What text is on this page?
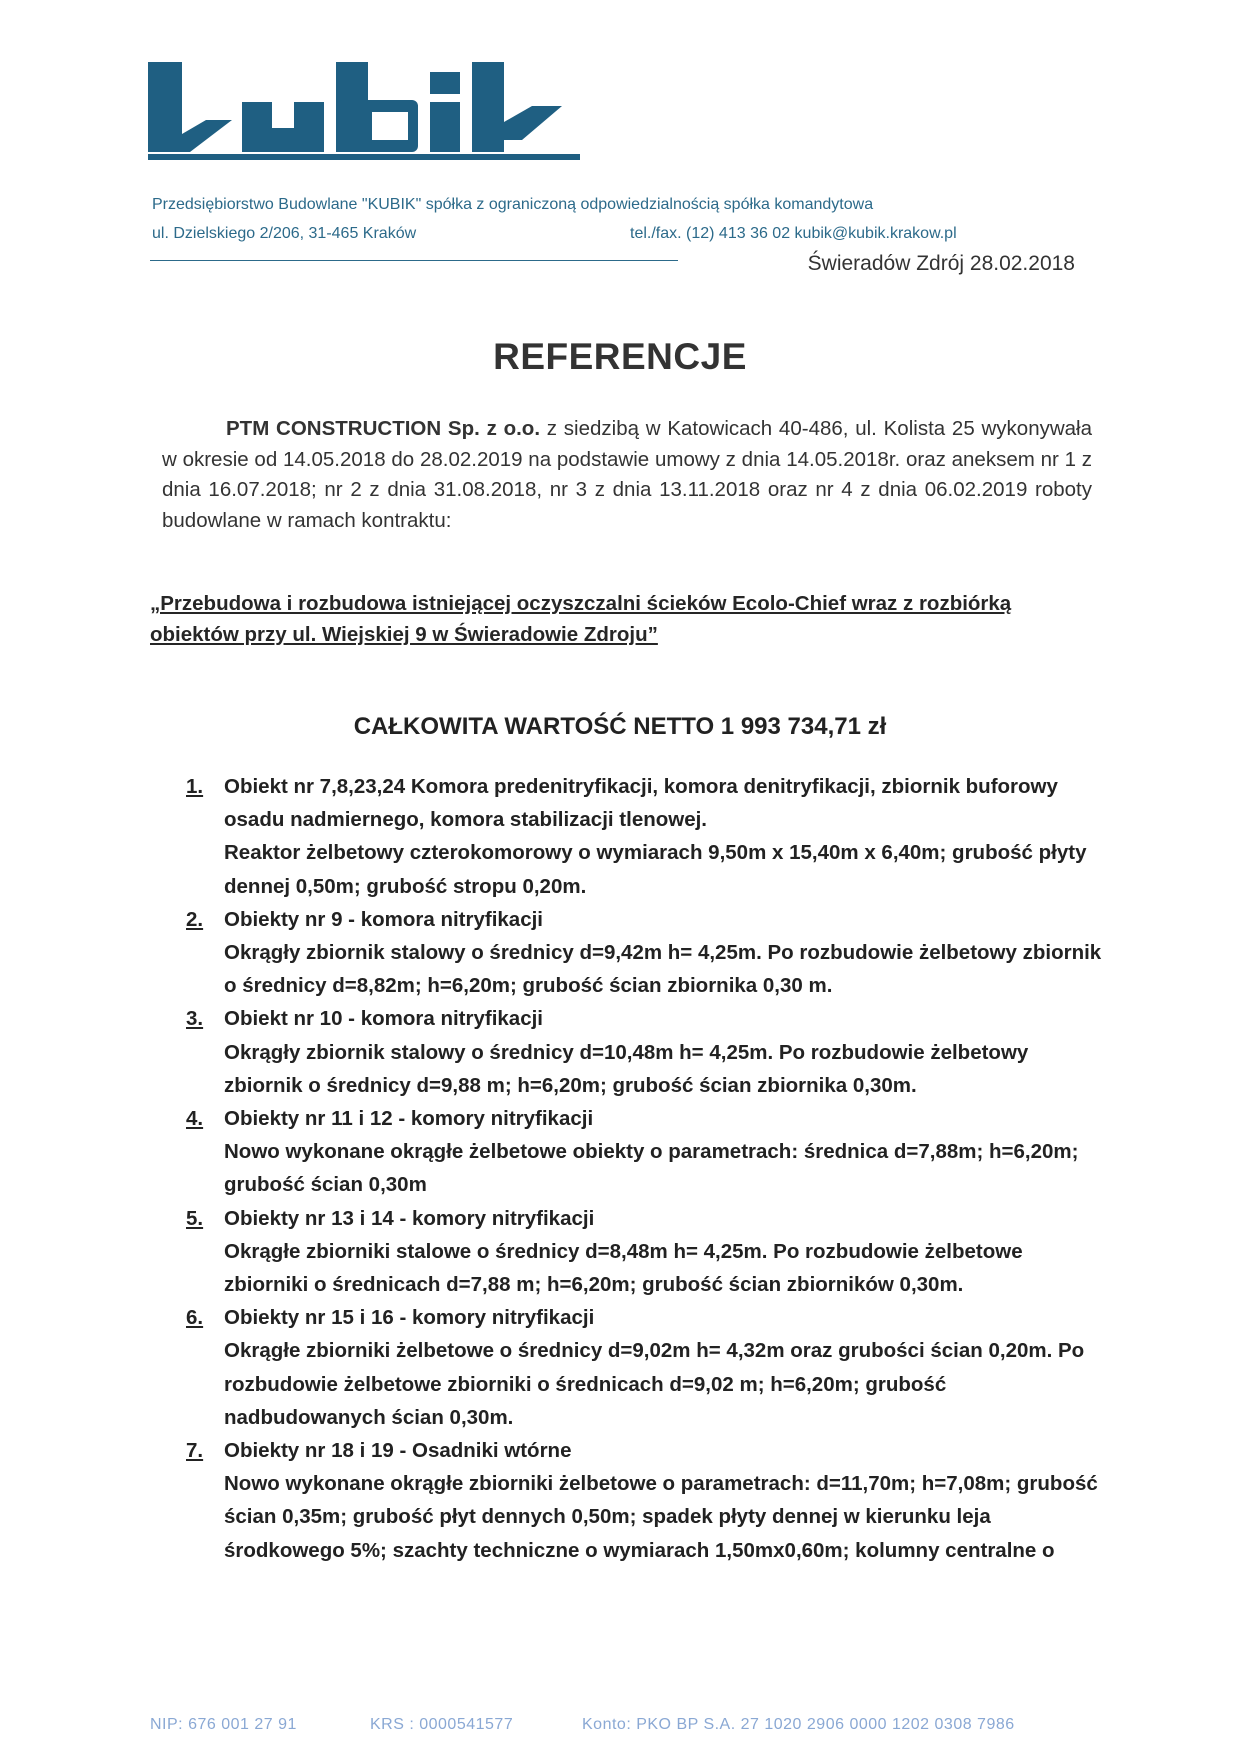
Przedsiębiorstwo Budowlane "KUBIK" spółka z ograniczoną odpowiedzialnością spółka komandytowa
ul. Dzielskiego 2/206, 31-465 Kraków	tel./fax. (12) 413 36 02 kubik@kubik.krakow.pl
Świeradów Zdrój 28.02.2018
REFERENCJE
PTM CONSTRUCTION Sp. z o.o. z siedzibą w Katowicach 40-486, ul. Kolista 25 wykonywała w okresie od 14.05.2018 do 28.02.2019 na podstawie umowy z dnia 14.05.2018r. oraz aneksem nr 1 z dnia 16.07.2018; nr 2 z dnia 31.08.2018, nr 3 z dnia 13.11.2018 oraz nr 4 z dnia 06.02.2019 roboty budowlane w ramach kontraktu:
„Przebudowa i rozbudowa istniejącej oczyszczalni ścieków Ecolo-Chief wraz z rozbiórką
obiektów przy ul. Wiejskiej 9 w Świeradowie Zdroju”
CAŁKOWITA WARTOŚĆ NETTO 1 993 734,71 zł
1. Obiekt nr 7,8,23,24 Komora predenitryfikacji, komora denitryfikacji, zbiornik buforowy osadu nadmiernego, komora stabilizacji tlenowej.
Reaktor żelbetowy czterokomorowy o wymiarach 9,50m x 15,40m x 6,40m; grubość płyty dennej 0,50m; grubość stropu 0,20m.
2. Obiekty nr 9 - komora nitryfikacji
Okrągły zbiornik stalowy o średnicy d=9,42m h= 4,25m. Po rozbudowie żelbetowy zbiornik o średnicy d=8,82m; h=6,20m; grubość ścian zbiornika 0,30 m.
3. Obiekt nr 10 - komora nitryfikacji
Okrągły zbiornik stalowy o średnicy d=10,48m h= 4,25m. Po rozbudowie żelbetowy zbiornik o średnicy d=9,88 m; h=6,20m; grubość ścian zbiornika 0,30m.
4. Obiekty nr 11 i 12 - komory nitryfikacji
Nowo wykonane okrągłe żelbetowe obiekty o parametrach: średnica d=7,88m; h=6,20m; grubość ścian 0,30m
5. Obiekty nr 13 i 14 - komory nitryfikacji
Okrągłe zbiorniki stalowe o średnicy d=8,48m h= 4,25m. Po rozbudowie żelbetowe zbiorniki o średnicach d=7,88 m; h=6,20m; grubość ścian zbiorników 0,30m.
6. Obiekty nr 15 i 16 - komory nitryfikacji
Okrągłe zbiorniki żelbetowe o średnicy d=9,02m h= 4,32m oraz grubości ścian 0,20m. Po rozbudowie żelbetowe zbiorniki o średnicach d=9,02 m; h=6,20m; grubość nadbudowanych ścian 0,30m.
7. Obiekty nr 18 i 19 - Osadniki wtórne
Nowo wykonane okrągłe zbiorniki żelbetowe o parametrach: d=11,70m; h=7,08m; grubość ścian 0,35m; grubość płyt dennych 0,50m; spadek płyty dennej w kierunku leja środkowego 5%; szachty techniczne o wymiarach 1,50mx0,60m; kolumny centralne o
NIP: 676 001 27 91	KRS : 0000541577	Konto: PKO BP S.A. 27 1020 2906 0000 1202 0308 7986
